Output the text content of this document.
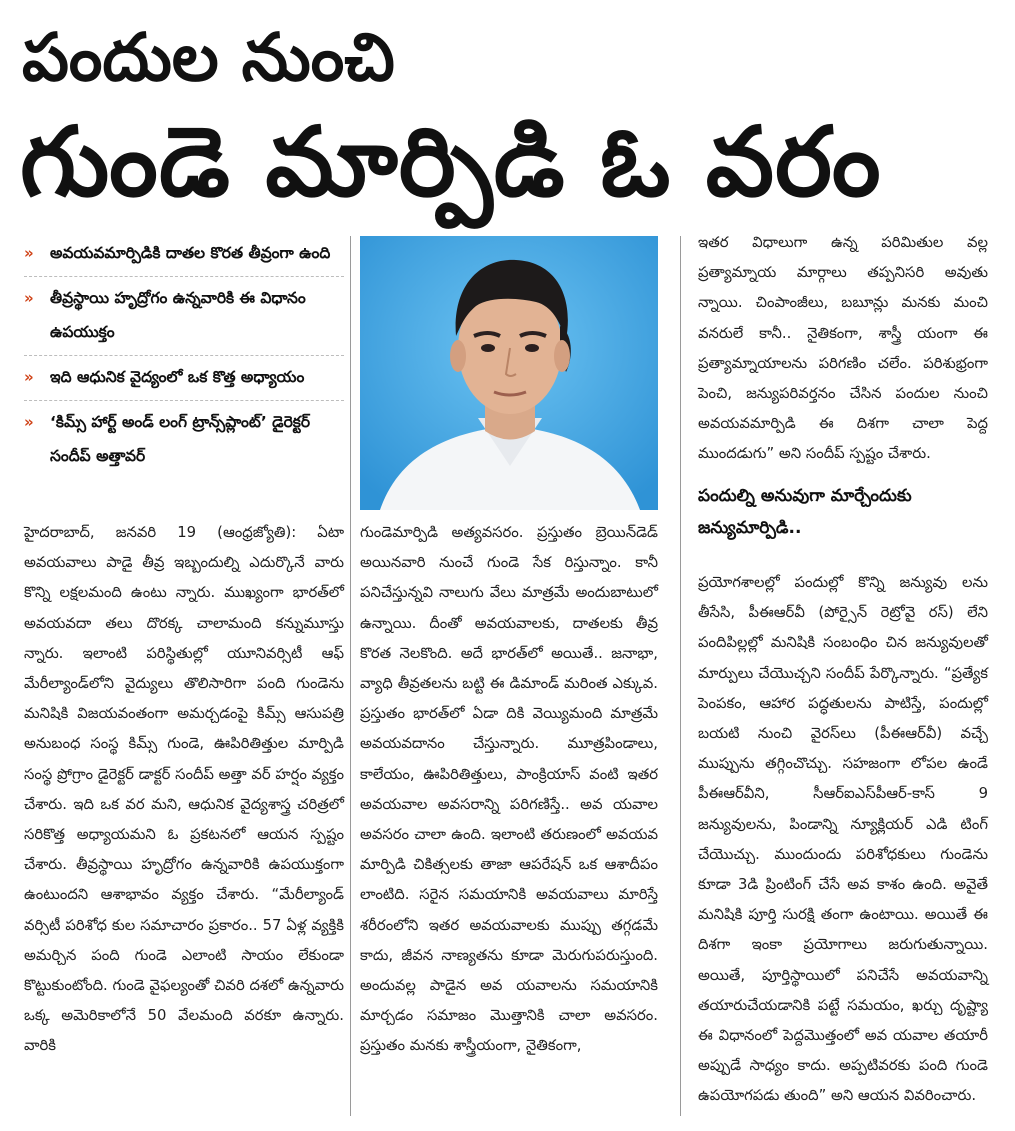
పందుల నుంచి
గుండె మార్పిడి ఓ వరం
»	అవయవమార్పిడికి దాతల కొరత తీవ్రంగా ఉంది
»	తీవ్రస్థాయి హృద్రోగం ఉన్నవారికి ఈ విధానం ఉపయుక్తం
»	ఇది ఆధునిక వైద్యంలో ఒక కొత్త అధ్యాయం
»	‘కిమ్స్ హార్ట్ అండ్ లంగ్ ట్రాన్స్‌ప్లాంట్’ డైరెక్టర్ సందీప్ అత్తావర్
హైదరాబాద్, జనవరి 19 (ఆంధ్రజ్యోతి): ఏటా అవయవాలు పాడై తీవ్ర ఇబ్బందుల్ని ఎదుర్కొనే వారు కొన్ని లక్షలమంది ఉంటు న్నారు. ముఖ్యంగా భారత్‌లో అవయవదా తలు దొరక్క చాలామంది కన్నుమూస్తు న్నారు. ఇలాంటి పరిస్థితుల్లో యూనివర్సిటీ ఆఫ్ మేరీల్యాండ్‌లోని వైద్యులు తొలిసారిగా పంది గుండెను మనిషికి విజయవంతంగా అమర్చడంపై కిమ్స్ ఆసుపత్రి అనుబంధ సంస్థ కిమ్స్ గుండె, ఊపిరితిత్తుల మార్పిడి సంస్థ ప్రోగ్రాం డైరెక్టర్ డాక్టర్ సందీప్ అత్తా వర్ హర్షం వ్యక్తం చేశారు. ఇది ఒక వర మని, ఆధునిక వైద్యశాస్త్ర చరిత్రలో సరికొత్త అధ్యాయమని ఓ ప్రకటనలో ఆయన స్పష్టం చేశారు. తీవ్రస్థాయి హృద్రోగం ఉన్నవారికి ఉపయుక్తంగా ఉంటుందని ఆశాభావం వ్యక్తం చేశారు. “మేరీల్యాండ్ వర్సిటీ పరిశోధ కుల సమాచారం ప్రకారం.. 57 ఏళ్ల వ్యక్తికి అమర్చిన పంది గుండె ఎలాంటి సాయం లేకుండా కొట్టుకుంటోంది. గుండె వైఫల్యంతో చివరి దశలో ఉన్నవారు ఒక్క అమెరికాలోనే 50 వేలమంది వరకూ ఉన్నారు. వారికి
గుండెమార్పిడి అత్యవసరం. ప్రస్తుతం బ్రెయిన్‌డెడ్ అయినవారి నుంచే గుండె సేక రిస్తున్నాం. కానీ పనిచేస్తున్నవి నాలుగు వేలు మాత్రమే అందుబాటులో ఉన్నాయి. దీంతో అవయవాలకు, దాతలకు తీవ్ర కొరత నెలకొంది. అదే భారత్‌లో అయితే.. జనాభా, వ్యాధి తీవ్రతలను బట్టి ఈ డిమాండ్ మరింత ఎక్కువ. ప్రస్తుతం భారత్‌లో ఏడా దికి వెయ్యిమంది మాత్రమే అవయవదానం చేస్తున్నారు. మూత్రపిండాలు, కాలేయం, ఊపిరితిత్తులు, పాంక్రియాస్ వంటి ఇతర అవయవాల అవసరాన్ని పరిగణిస్తే.. అవ యవాల అవసరం చాలా ఉంది. ఇలాంటి తరుణంలో అవయవ మార్పిడి చికిత్సలకు తాజా ఆపరేషన్ ఒక ఆశాదీపం లాంటిది. సరైన సమయానికి అవయవాలు మారిస్తే శరీరంలోని ఇతర అవయవాలకు ముప్పు తగ్గడమే కాదు, జీవన నాణ్యతను కూడా మెరుగుపరుస్తుంది. అందువల్ల పాడైన అవ యవాలను సమయానికి మార్చడం సమాజం మొత్తానికి చాలా అవసరం. ప్రస్తుతం మనకు శాస్త్రీయంగా, నైతికంగా,
ఇతర విధాలుగా ఉన్న పరిమితుల వల్ల ప్రత్యామ్నాయ మార్గాలు తప్పనిసరి అవుతు న్నాయి. చింపాంజీలు, బబూన్లు మనకు మంచి వనరులే కానీ.. నైతికంగా, శాస్త్రీ యంగా ఈ ప్రత్యామ్నాయాలను పరిగణిం చలేం. పరిశుభ్రంగా పెంచి, జన్యుపరివర్తనం చేసిన పందుల నుంచి అవయవమార్పిడి ఈ దిశగా చాలా పెద్ద ముందడుగు” అని సందీప్ స్పష్టం చేశారు.
పందుల్ని అనువుగా మార్చేందుకు జన్యుమార్పిడి..
ప్రయోగశాలల్లో పందుల్లో కొన్ని జన్యువు లను తీసేసి, పీఈఆర్‌వీ (పోర్సైన్ రెట్రోవై రస్) లేని పందిపిల్లల్లో మనిషికి సంబంధిం చిన జన్యువులతో మార్పులు చేయొచ్చని సందీప్ పేర్కొన్నారు. “ప్రత్యేక పెంపకం, ఆహార పద్ధతులను పాటిస్తే, పందుల్లో బయటి నుంచి వైరస్‌లు (పీఈఆర్‌వీ) వచ్చే ముప్పును తగ్గించొచ్చు. సహజంగా లోపల ఉండే పీఈఆర్‌వీని, సీఆర్ఐఎస్‌పీఆర్-కాస్ 9 జన్యువులను, పిండాన్ని న్యూక్లియర్ ఎడి టింగ్ చేయొచ్చు. ముందుందు పరిశోధకులు గుండెను కూడా 3డి ప్రింటింగ్ చేసే అవ కాశం ఉంది. అవైతే మనిషికి పూర్తి సురక్షి తంగా ఉంటాయి. అయితే ఈ దిశగా ఇంకా ప్రయోగాలు జరుగుతున్నాయి. అయితే, పూర్తిస్థాయిలో పనిచేసే అవయవాన్ని తయారుచేయడానికి పట్టే సమయం, ఖర్చు దృష్ట్యా ఈ విధానంలో పెద్దమొత్తంలో అవ యవాల తయారీ అప్పుడే సాధ్యం కాదు. అప్పటివరకు పంది గుండె ఉపయోగపడు తుంది” అని ఆయన వివరించారు.
